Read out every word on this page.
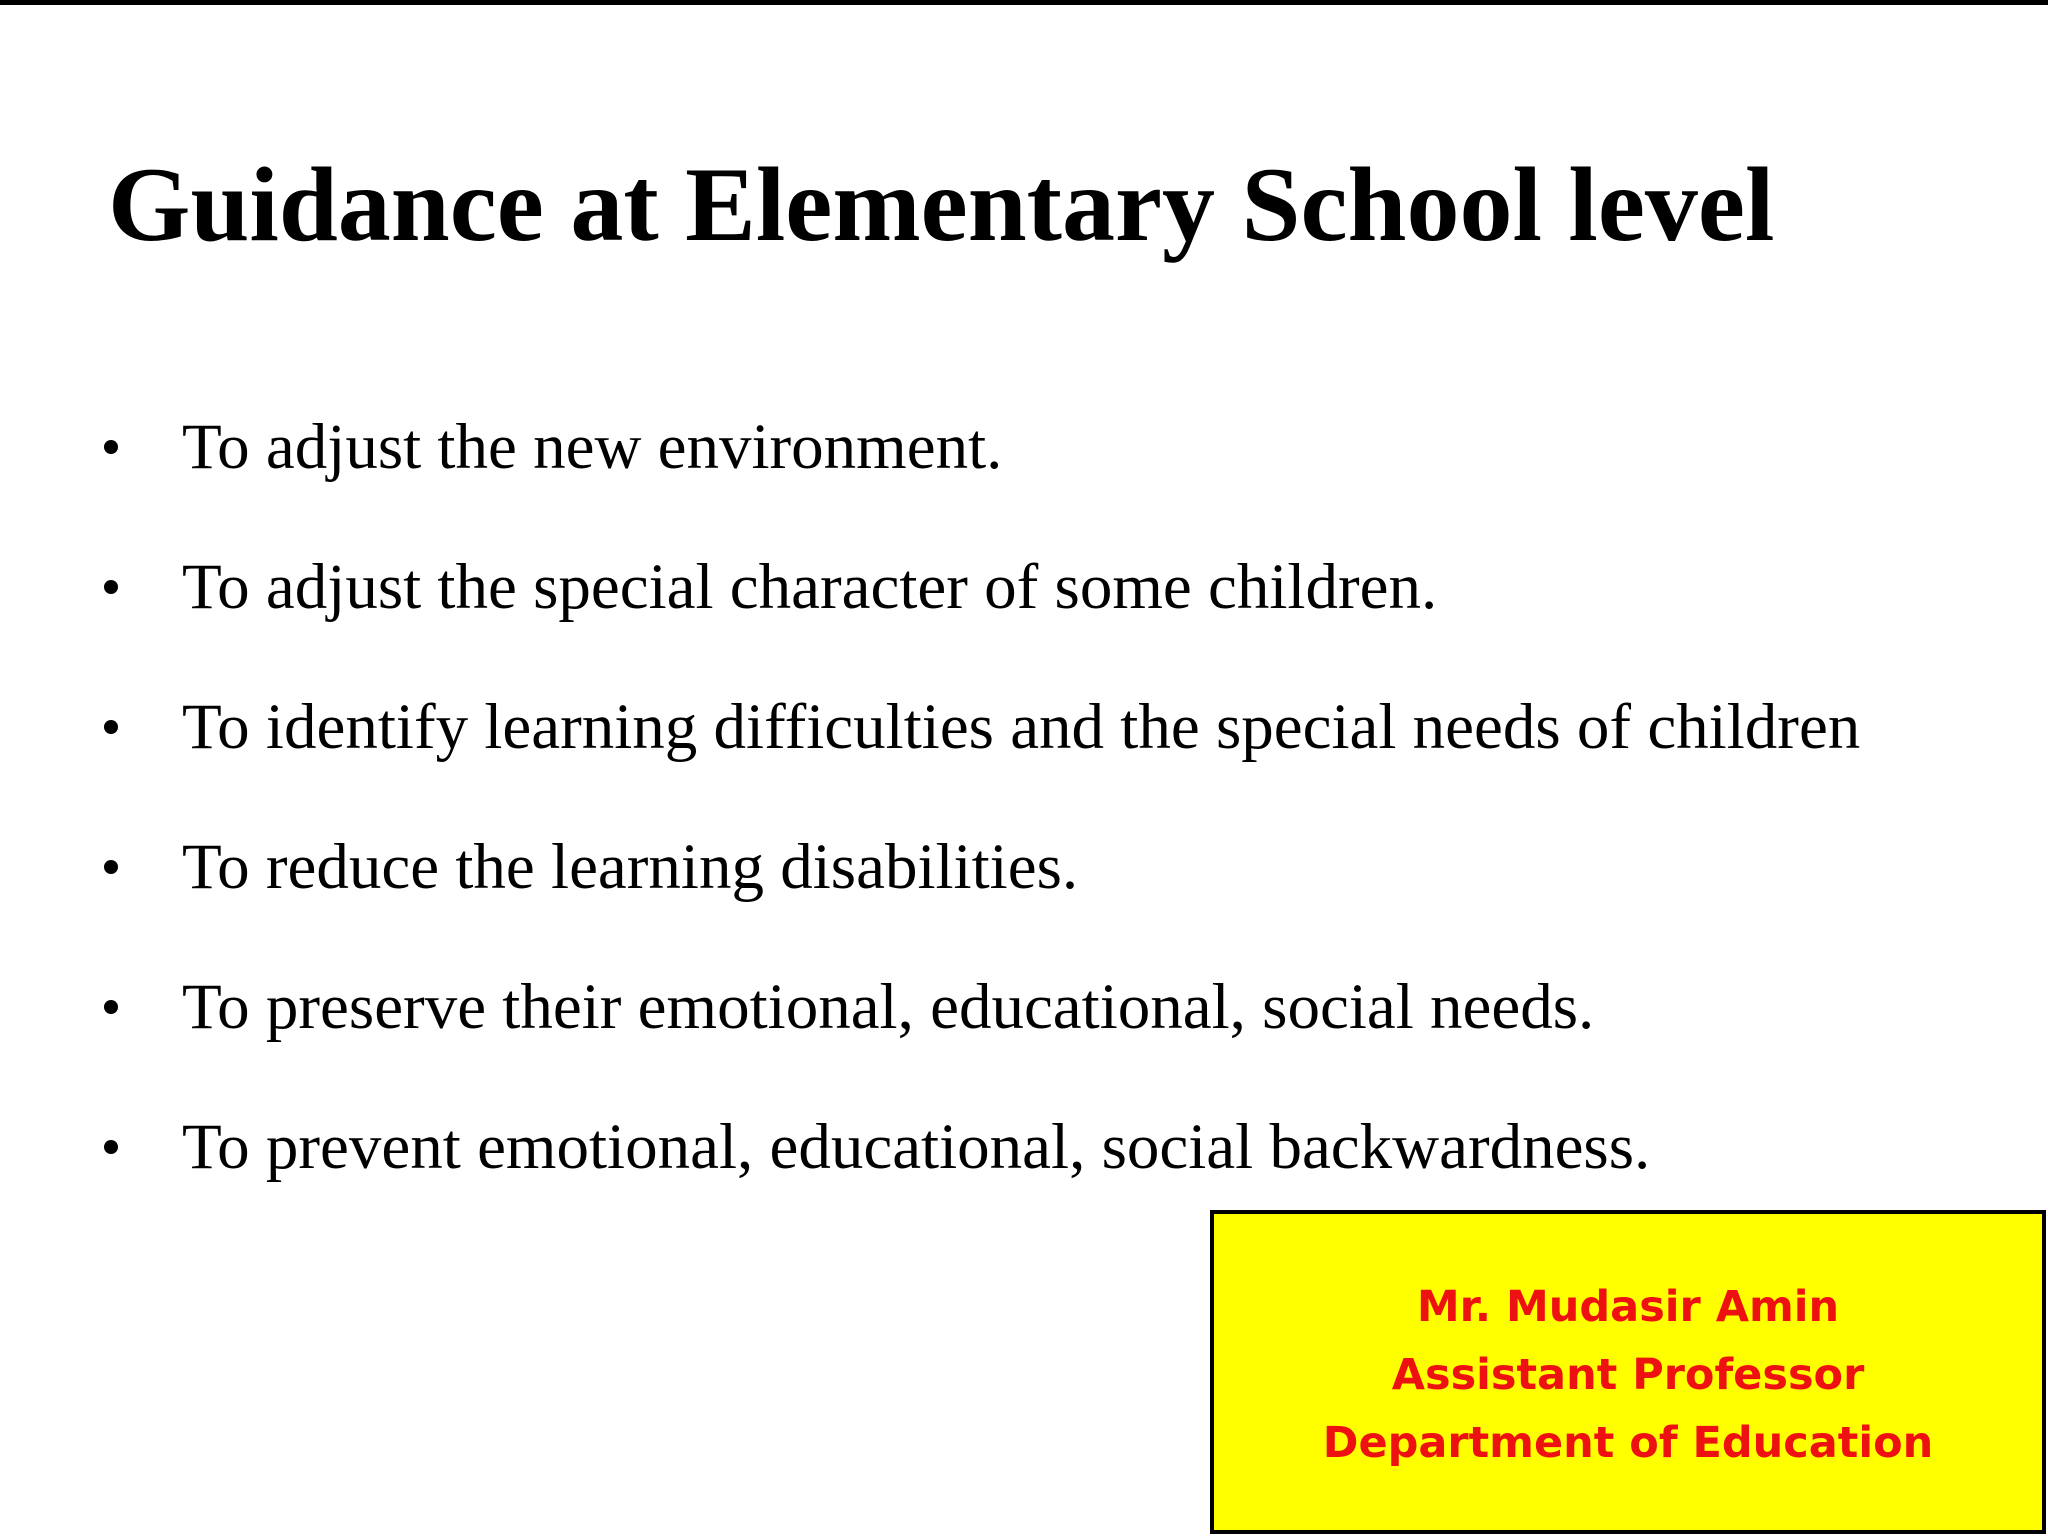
Guidance at Elementary School level
To adjust the new environment.
To adjust the special character of some children.
To identify learning difficulties and the special needs of children
To reduce the learning disabilities.
To preserve their emotional, educational, social needs.
To prevent emotional, educational, social backwardness.
Mr. Mudasir Amin
Assistant Professor
Department of Education
